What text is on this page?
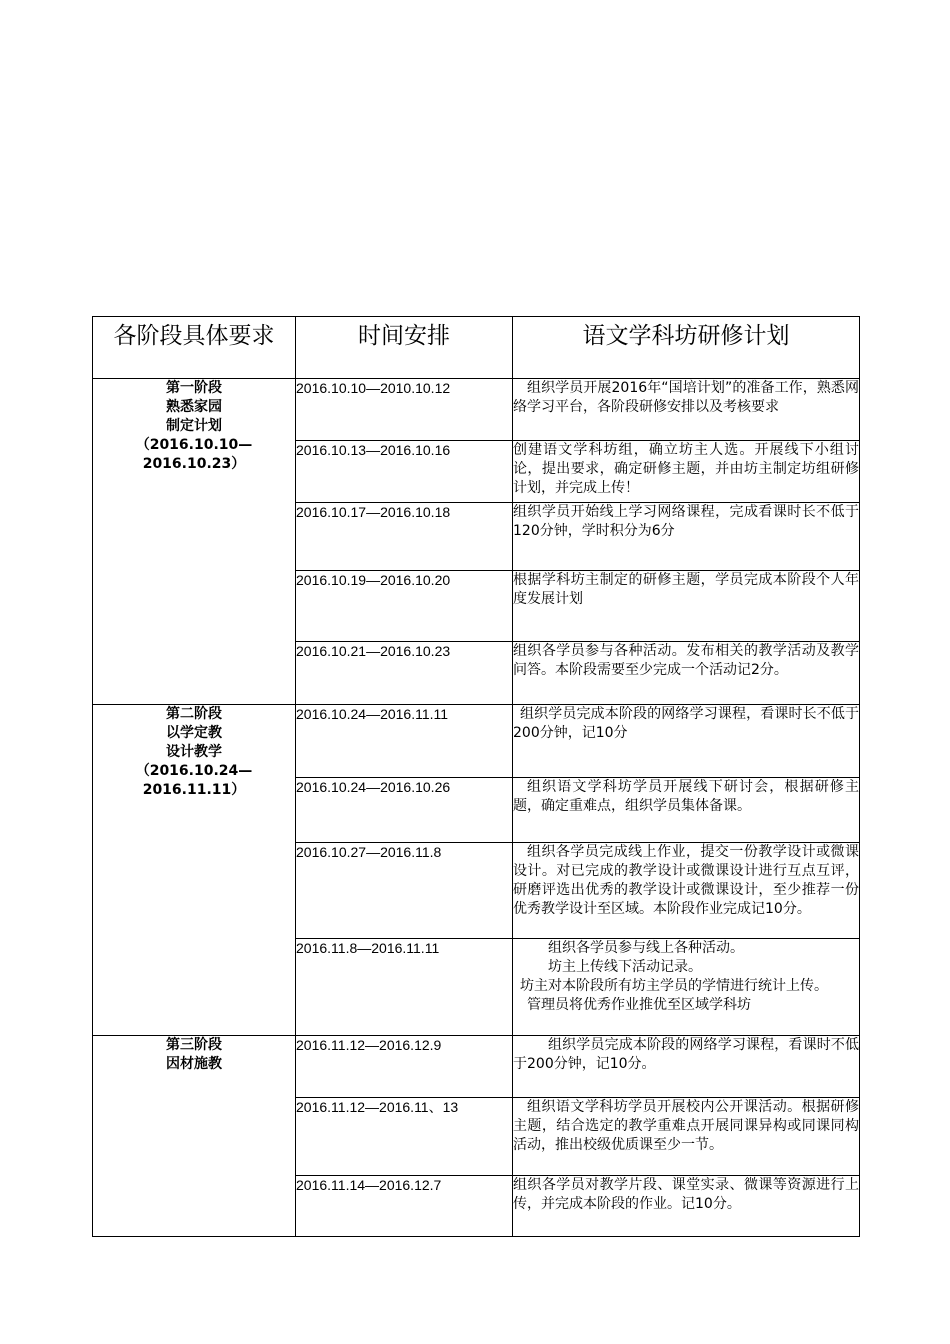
各阶段具体要求	时间安排	语文学科坊研修计划

第一阶段
熟悉家园
制定计划
（2016.10.10—
2016.10.23）	2016.10.10—2010.10.12	组织学员开展2016年“国培计划”的准备工作，熟悉网络学习平台，各阶段研修安排以及考核要求

	2016.10.13—2016.10.16	创建语文学科坊组，确立坊主人选。开展线下小组讨论，提出要求，确定研修主题，并由坊主制定坊组研修计划，并完成上传！

	2016.10.17—2016.10.18	组织学员开始线上学习网络课程，完成看课时长不低于120分钟，学时积分为6分

	2016.10.19—2016.10.20	根据学科坊主制定的研修主题，学员完成本阶段个人年度发展计划

	2016.10.21—2016.10.23	组织各学员参与各种活动。发布相关的教学活动及教学问答。本阶段需要至少完成一个活动记2分。

第二阶段
以学定教
设计教学
（2016.10.24—
2016.11.11）	2016.10.24—2016.11.11	组织学员完成本阶段的网络学习课程，看课时长不低于200分钟，记10分

	2016.10.24—2016.10.26	组织语文学科坊学员开展线下研讨会，根据研修主题，确定重难点，组织学员集体备课。

	2016.10.27—2016.11.8	组织各学员完成线上作业，提交一份教学设计或微课设计。对已完成的教学设计或微课设计进行互点互评，研磨评选出优秀的教学设计或微课设计，至少推荐一份优秀教学设计至区域。本阶段作业完成记10分。

	2016.11.8—2016.11.11	组织各学员参与线上各种活动。

坊主上传线下活动记录。

坊主对本阶段所有坊主学员的学情进行统计上传。

管理员将优秀作业推优至区域学科坊

第三阶段
因材施教	2016.11.12—2016.12.9	组织学员完成本阶段的网络学习课程，看课时不低于200分钟，记10分。

	2016.11.12—2016.11、13	组织语文学科坊学员开展校内公开课活动。根据研修主题，结合选定的教学重难点开展同课异构或同课同构活动，推出校级优质课至少一节。

	2016.11.14—2016.12.7	组织各学员对教学片段、课堂实录、微课等资源进行上传，并完成本阶段的作业。记10分。
